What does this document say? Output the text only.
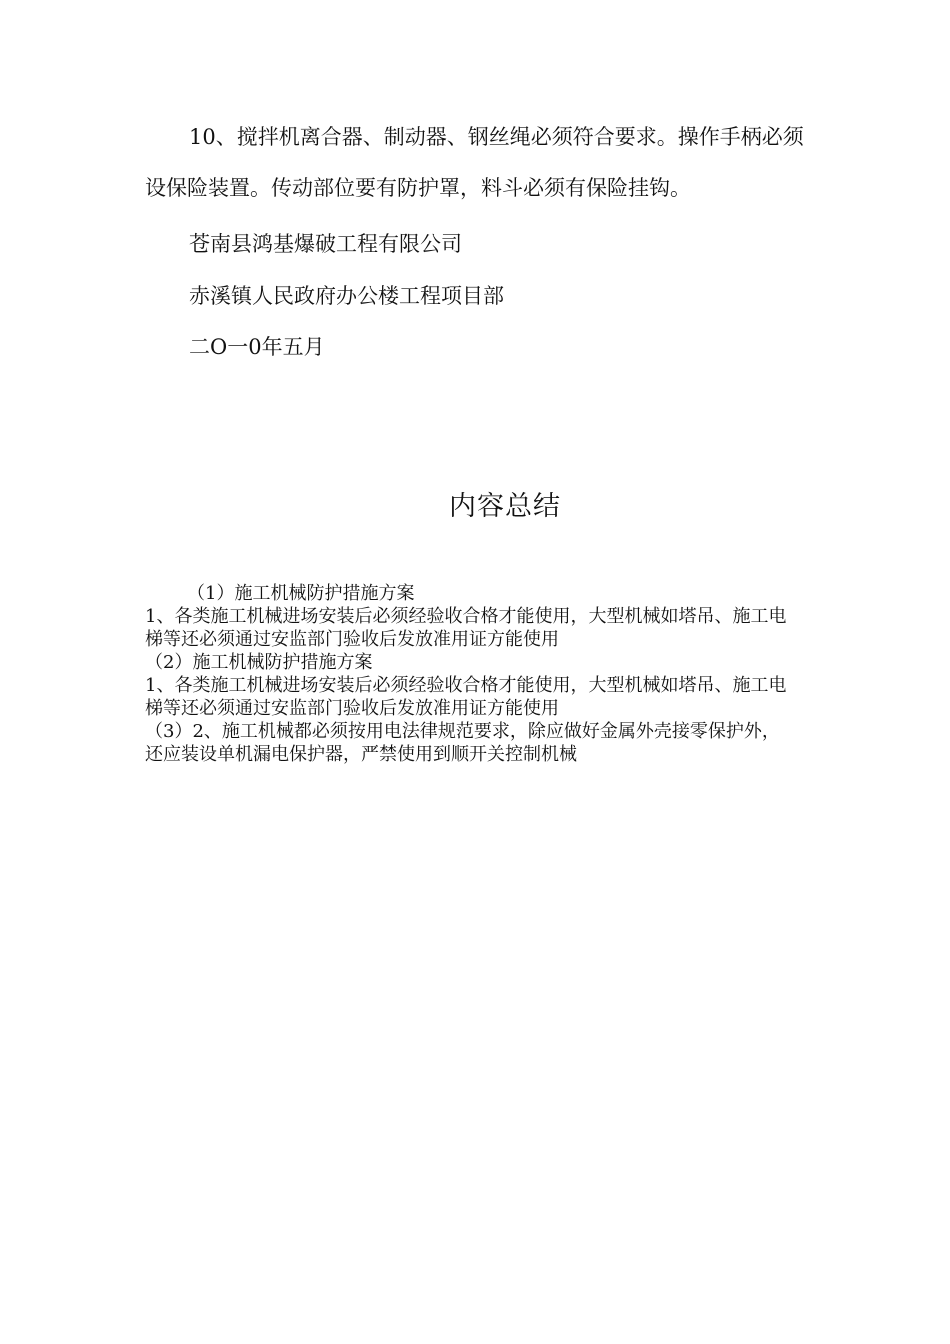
10、搅拌机离合器、制动器、钢丝绳必须符合要求。操作手柄必须设保险装置。传动部位要有防护罩，料斗必须有保险挂钩。

苍南县鸿基爆破工程有限公司
赤溪镇人民政府办公楼工程项目部
二O一0年五月
内容总结

（1）施工机械防护措施方案

1、各类施工机械进场安装后必须经验收合格才能使用，大型机械如塔吊、施工电梯等还必须通过安监部门验收后发放准用证方能使用

（2）施工机械防护措施方案

1、各类施工机械进场安装后必须经验收合格才能使用，大型机械如塔吊、施工电梯等还必须通过安监部门验收后发放准用证方能使用

（3）2、施工机械都必须按用电法律规范要求，除应做好金属外壳接零保护外，还应装设单机漏电保护器，严禁使用到顺开关控制机械
